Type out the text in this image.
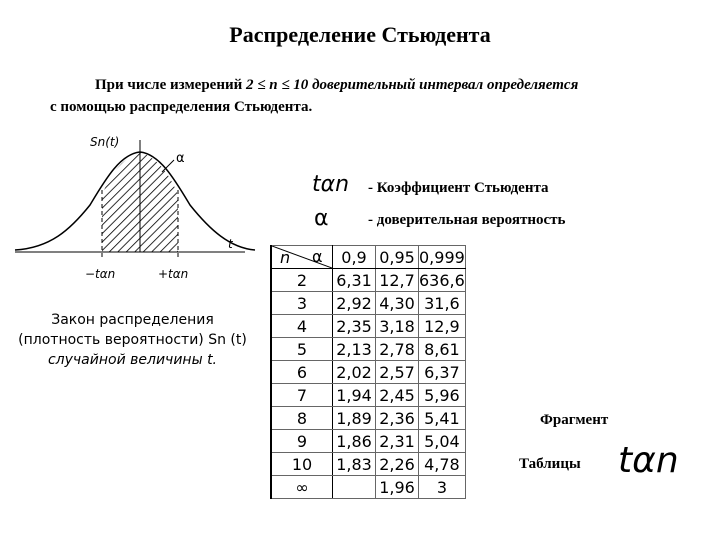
Распределение Стьюдента
При числе измерений 2 ≤ n ≤ 10 доверительный интервал определяется
с помощью распределения Стьюдента.
Sn(t)
α
t
−tαn	+tαn
tαn - Коэффициент Стьюдента
α	- доверительная вероятность
Закон распределения
(плотность вероятности) Sn (t)
случайной величины t.
n α	0,9	0,95	0,999
2	6,31	12,7	636,6
3	2,92	4,30	31,6
4	2,35	3,18	12,9
5	2,13	2,78	8,61
6	2,02	2,57	6,37
7	1,94	2,45	5,96
8	1,89	2,36	5,41
9	1,86	2,31	5,04
10	1,83	2,26	4,78
∞		1,96	3
Фрагмент
Таблицы tαn
